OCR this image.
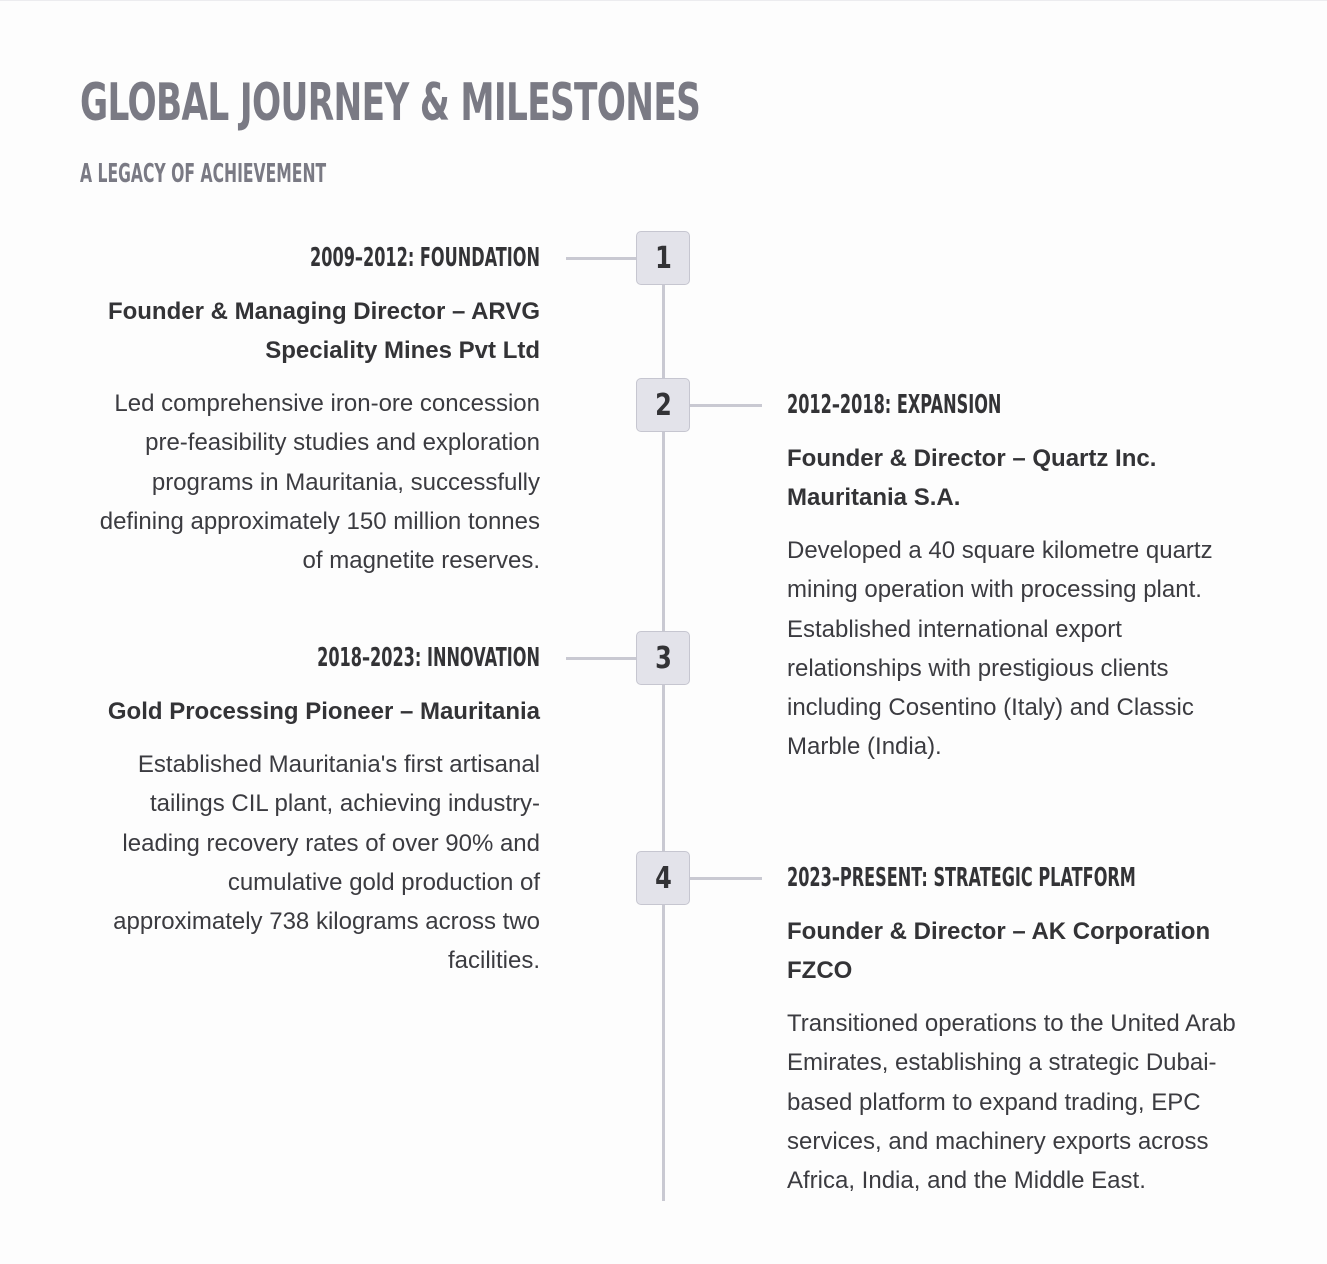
GLOBAL JOURNEY & MILESTONES
A LEGACY OF ACHIEVEMENT
1
2
3
4
2009–2012: FOUNDATION

Founder & Managing Director – ARVG Speciality Mines Pvt Ltd

Led comprehensive iron-ore concession pre-feasibility studies and exploration programs in Mauritania, successfully defining approximately 150 million tonnes of magnetite reserves.

2012–2018: EXPANSION

Founder & Director – Quartz Inc. Mauritania S.A.

Developed a 40 square kilometre quartz mining operation with processing plant. Established international export relationships with prestigious clients including Cosentino (Italy) and Classic Marble (India).

2018–2023: INNOVATION

Gold Processing Pioneer – Mauritania

Established Mauritania's first artisanal tailings CIL plant, achieving industry-leading recovery rates of over 90% and cumulative gold production of approximately 738 kilograms across two facilities.

2023–PRESENT: STRATEGIC PLATFORM

Founder & Director – AK Corporation FZCO

Transitioned operations to the United Arab Emirates, establishing a strategic Dubai-based platform to expand trading, EPC services, and machinery exports across Africa, India, and the Middle East.
